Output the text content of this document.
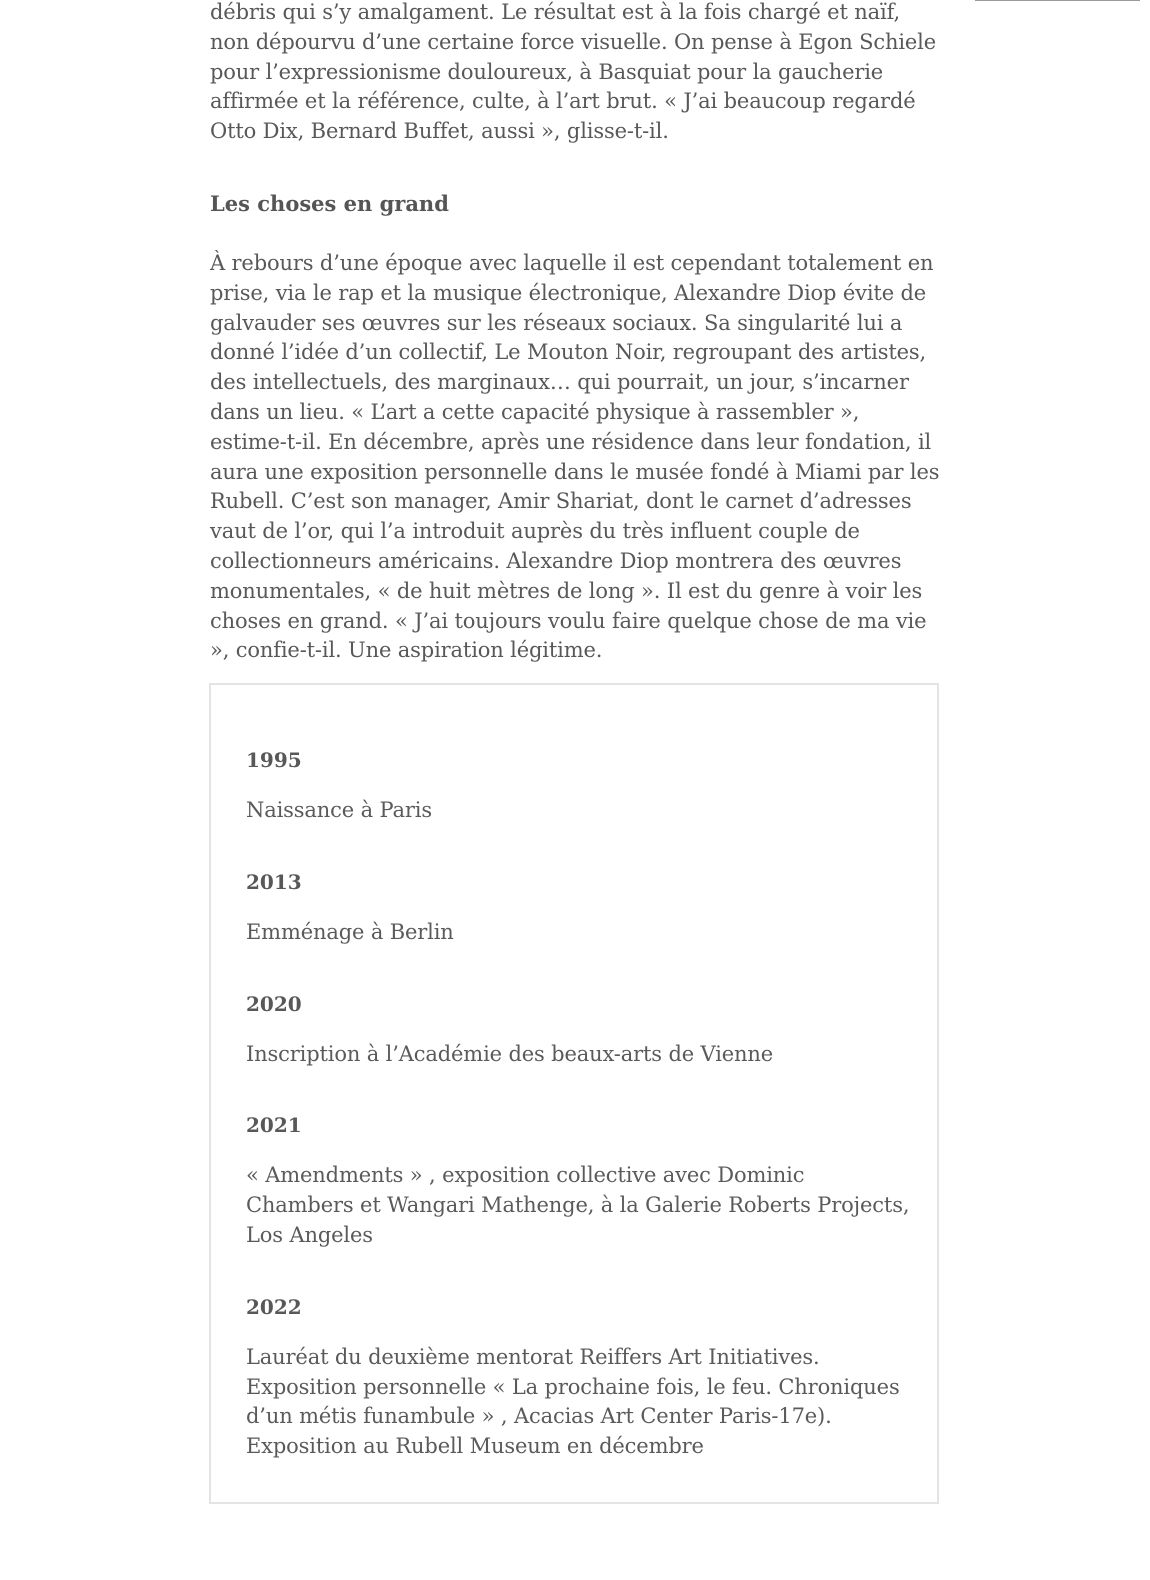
débris qui s’y amalgament. Le résultat est à la fois chargé et naïf, non dépourvu d’une certaine force visuelle. On pense à Egon Schiele pour l’expressionisme douloureux, à Basquiat pour la gaucherie affirmée et la référence, culte, à l’art brut. « J’ai beaucoup regardé Otto Dix, Bernard Buffet, aussi », glisse-t-il.

Les choses en grand

À rebours d’une époque avec laquelle il est cependant totalement en prise, via le rap et la musique électronique, Alexandre Diop évite de galvauder ses œuvres sur les réseaux sociaux. Sa singularité lui a donné l’idée d’un collectif, Le Mouton Noir, regroupant des artistes, des intellectuels, des marginaux… qui pourrait, un jour, s’incarner dans un lieu. « L’art a cette capacité physique à rassembler », estime-t-il. En décembre, après une résidence dans leur fondation, il aura une exposition personnelle dans le musée fondé à Miami par les Rubell. C’est son manager, Amir Shariat, dont le carnet d’adresses vaut de l’or, qui l’a introduit auprès du très influent couple de collectionneurs américains. Alexandre Diop montrera des œuvres monumentales, « de huit mètres de long ». Il est du genre à voir les choses en grand. « J’ai toujours voulu faire quelque chose de ma vie », confie-t-il. Une aspiration légitime.

1995

Naissance à Paris

2013

Emménage à Berlin

2020

Inscription à l’Académie des beaux-arts de Vienne

2021

« Amendments » , exposition collective avec Dominic Chambers et Wangari Mathenge, à la Galerie Roberts Projects, Los Angeles

2022

Lauréat du deuxième mentorat Reiffers Art Initiatives. Exposition personnelle « La prochaine fois, le feu. Chroniques d’un métis funambule » , Acacias Art Center Paris-17e). Exposition au Rubell Museum en décembre
